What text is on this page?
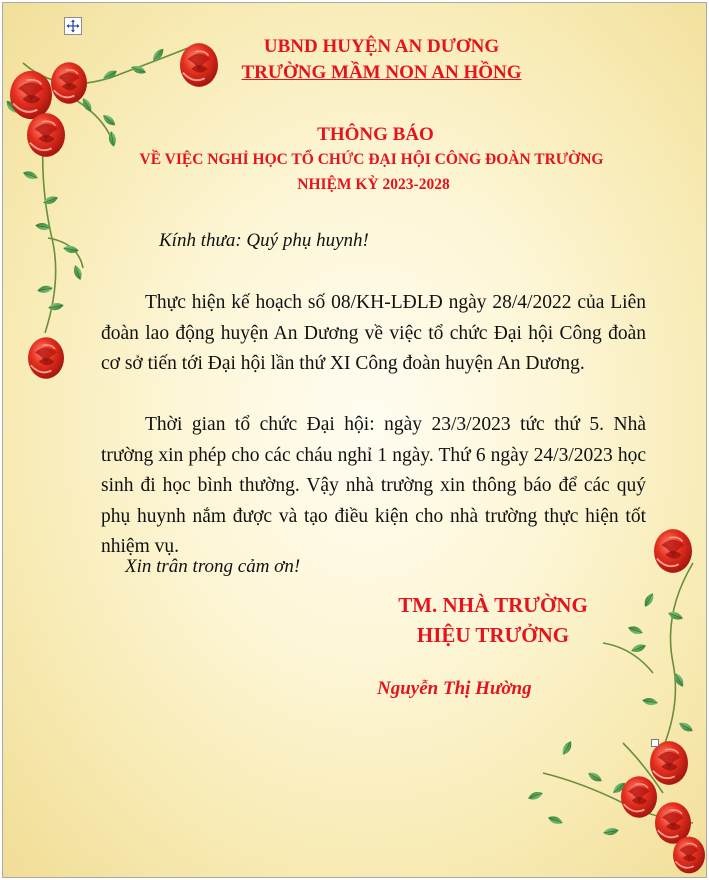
UBND HUYỆN AN DƯƠNG
TRƯỜNG MẦM NON AN HỒNG
THÔNG BÁO
VỀ VIỆC NGHỈ HỌC TỔ CHỨC ĐẠI HỘI CÔNG ĐOÀN TRƯỜNG
NHIỆM KỲ 2023-2028
Kính thưa: Quý phụ huynh!
Thực hiện kế hoạch số 08/KH-LĐLĐ ngày 28/4/2022 của Liên đoàn lao động huyện An Dương về việc tổ chức Đại hội Công đoàn cơ sở tiến tới Đại hội lần thứ XI Công đoàn huyện An Dương.
Thời gian tổ chức Đại hội: ngày 23/3/2023 tức thứ 5. Nhà trường xin phép cho các cháu nghỉ 1 ngày. Thứ 6 ngày 24/3/2023 học sinh đi học bình thường. Vậy nhà trường xin thông báo để các quý phụ huynh nắm được và tạo điều kiện cho nhà trường thực hiện tốt nhiệm vụ.
Xin trân trong cảm ơn!
TM. NHÀ TRƯỜNG
HIỆU TRƯỞNG
Nguyễn Thị Hường
